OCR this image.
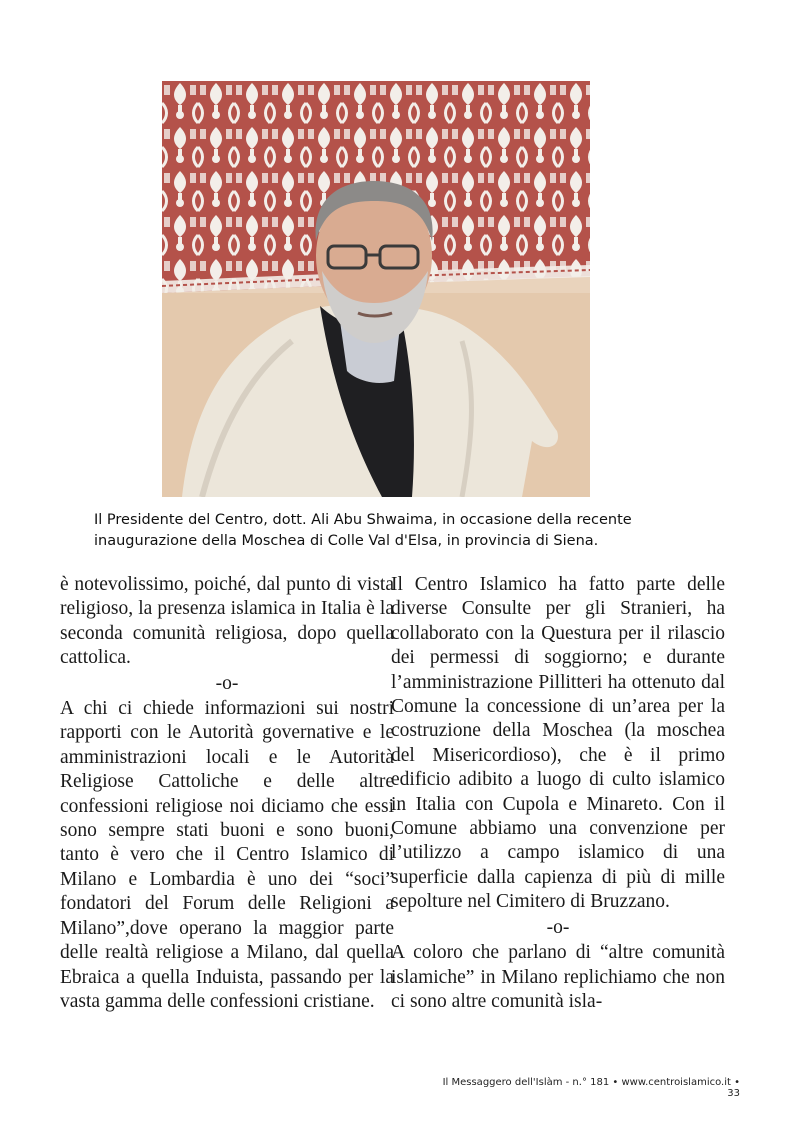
Il Presidente del Centro, dott. Ali Abu Shwaima, in occasione della recente

inaugurazione della Moschea di Colle Val d'Elsa, in provincia di Siena.

è notevolissimo, poiché, dal punto di vista religioso, la presenza islamica in Italia è la seconda comunità religiosa, dopo quella cattolica.

-o-

A chi ci chiede informazioni sui nostri rapporti con le Autorità governative e le amministrazioni locali e le Autorità Religiose Cattoliche e delle altre confessioni religiose noi diciamo che essi sono sempre stati buoni e sono buoni, tanto è vero che il Centro Islamico di Milano e Lombardia è uno dei “soci” fondatori del Forum delle Religioni a Milano”,dove operano la maggior parte delle realtà religiose a Milano, dal quella Ebraica a quella Induista, passando per la vasta gamma delle confessioni cristiane.

Il Centro Islamico ha fatto parte delle diverse Consulte per gli Stranieri, ha collaborato con la Questura per il rilascio dei permessi di soggiorno; e durante l’amministrazione Pillitteri ha ottenuto dal Comune la concessione di un’area per la costruzione della Moschea (la moschea del Misericordioso), che è il primo edificio adibito a luogo di culto islamico in Italia con Cupola e Minareto. Con il Comune abbiamo una convenzione per l’utilizzo a campo islamico di una superficie dalla capienza di più di mille sepolture nel Cimitero di Bruzzano.

-o-

A coloro che parlano di “altre comunità islamiche” in Milano replichiamo che non ci sono altre comunità isla-

Il Messaggero dell'Islàm - n.° 181 • www.centroislamico.it • 33
